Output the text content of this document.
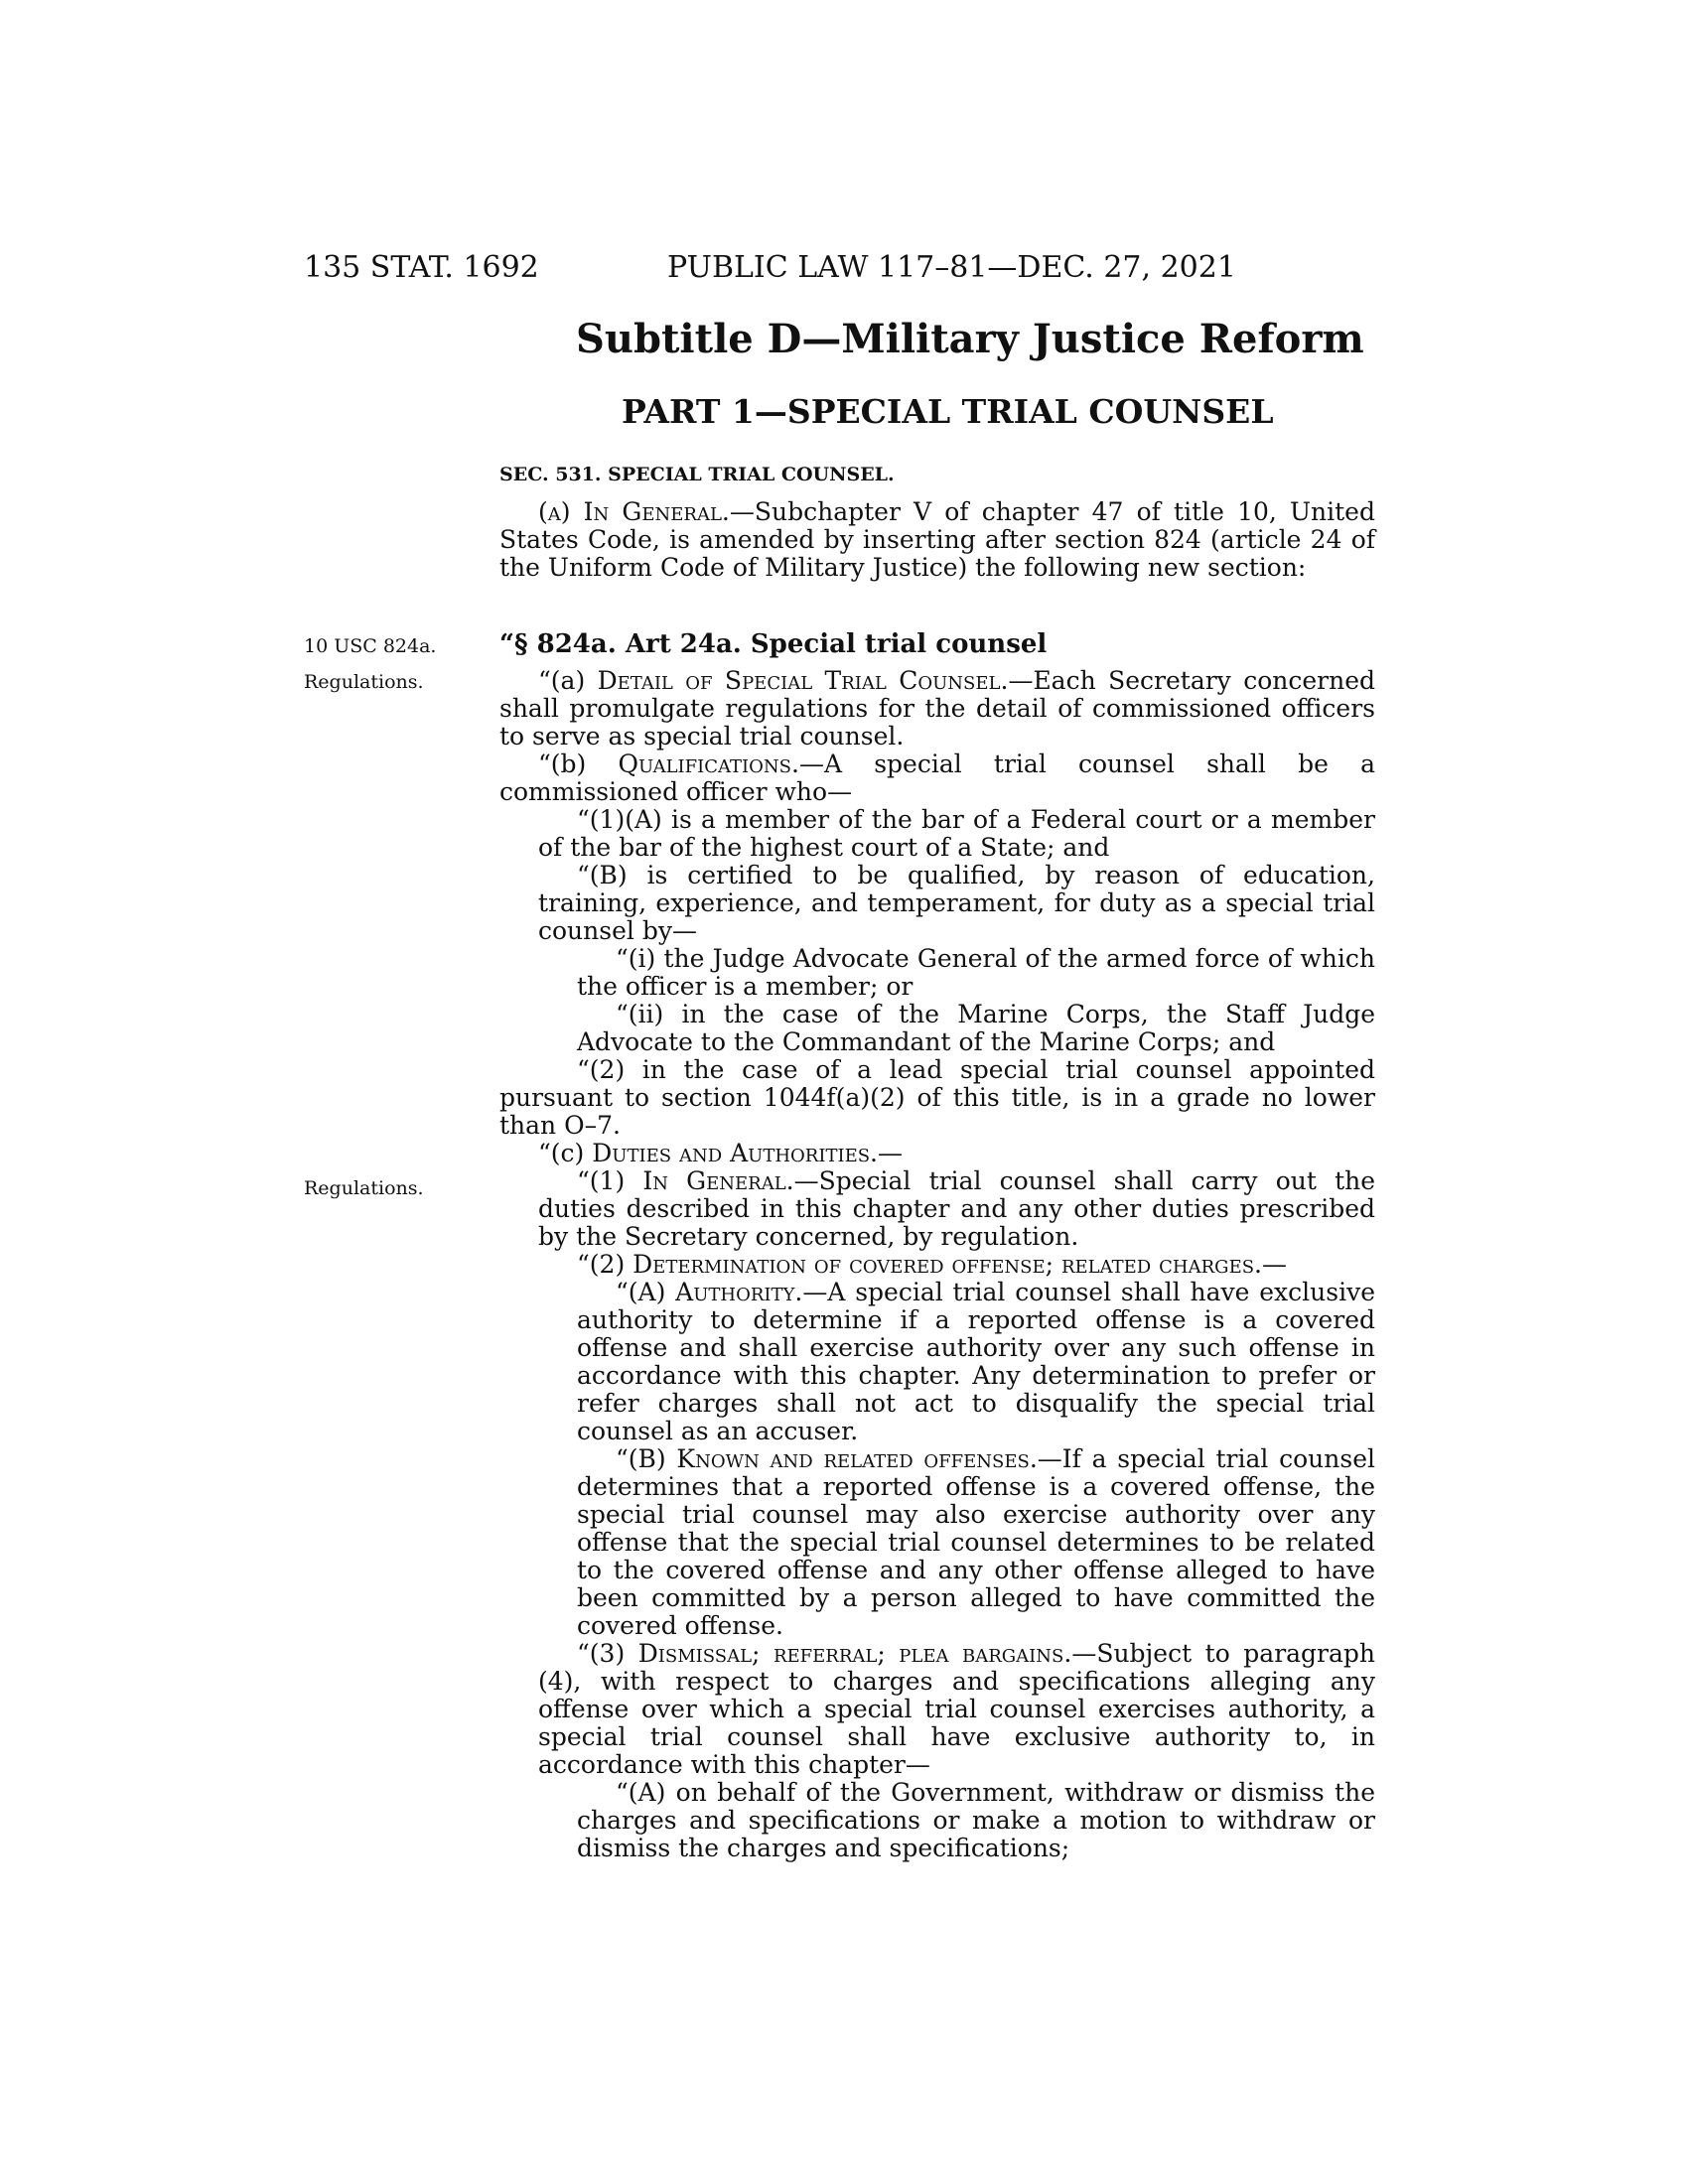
135 STAT. 1692	PUBLIC LAW 117–81—DEC. 27, 2021
Subtitle D—Military Justice Reform
PART 1—SPECIAL TRIAL COUNSEL
SEC. 531. SPECIAL TRIAL COUNSEL.

(a) In General.—Subchapter V of chapter 47 of title 10, United States Code, is amended by inserting after section 824 (article 24 of the Uniform Code of Military Justice) the following new section:

10 USC 824a.
Regulations.
Regulations.

“§ 824a. Art 24a. Special trial counsel

“(a) Detail of Special Trial Counsel.—Each Secretary concerned shall promulgate regulations for the detail of commissioned officers to serve as special trial counsel.

“(b) Qualifications.—A special trial counsel shall be a commissioned officer who—

“(1)(A) is a member of the bar of a Federal court or a member of the bar of the highest court of a State; and

“(B) is certified to be qualified, by reason of education, training, experience, and temperament, for duty as a special trial counsel by—

“(i) the Judge Advocate General of the armed force of which the officer is a member; or

“(ii) in the case of the Marine Corps, the Staff Judge Advocate to the Commandant of the Marine Corps; and

“(2) in the case of a lead special trial counsel appointed pursuant to section 1044f(a)(2) of this title, is in a grade no lower than O–7.

“(c) Duties and Authorities.—

“(1) In General.—Special trial counsel shall carry out the duties described in this chapter and any other duties prescribed by the Secretary concerned, by regulation.

“(2) Determination of covered offense; related charges.—

“(A) Authority.—A special trial counsel shall have exclusive authority to determine if a reported offense is a covered offense and shall exercise authority over any such offense in accordance with this chapter. Any determination to prefer or refer charges shall not act to disqualify the special trial counsel as an accuser.

“(B) Known and related offenses.—If a special trial counsel determines that a reported offense is a covered offense, the special trial counsel may also exercise authority over any offense that the special trial counsel determines to be related to the covered offense and any other offense alleged to have been committed by a person alleged to have committed the covered offense.

“(3) Dismissal; referral; plea bargains.—Subject to paragraph (4), with respect to charges and specifications alleging any offense over which a special trial counsel exercises authority, a special trial counsel shall have exclusive authority to, in accordance with this chapter—

“(A) on behalf of the Government, withdraw or dismiss the charges and specifications or make a motion to withdraw or dismiss the charges and specifications;
